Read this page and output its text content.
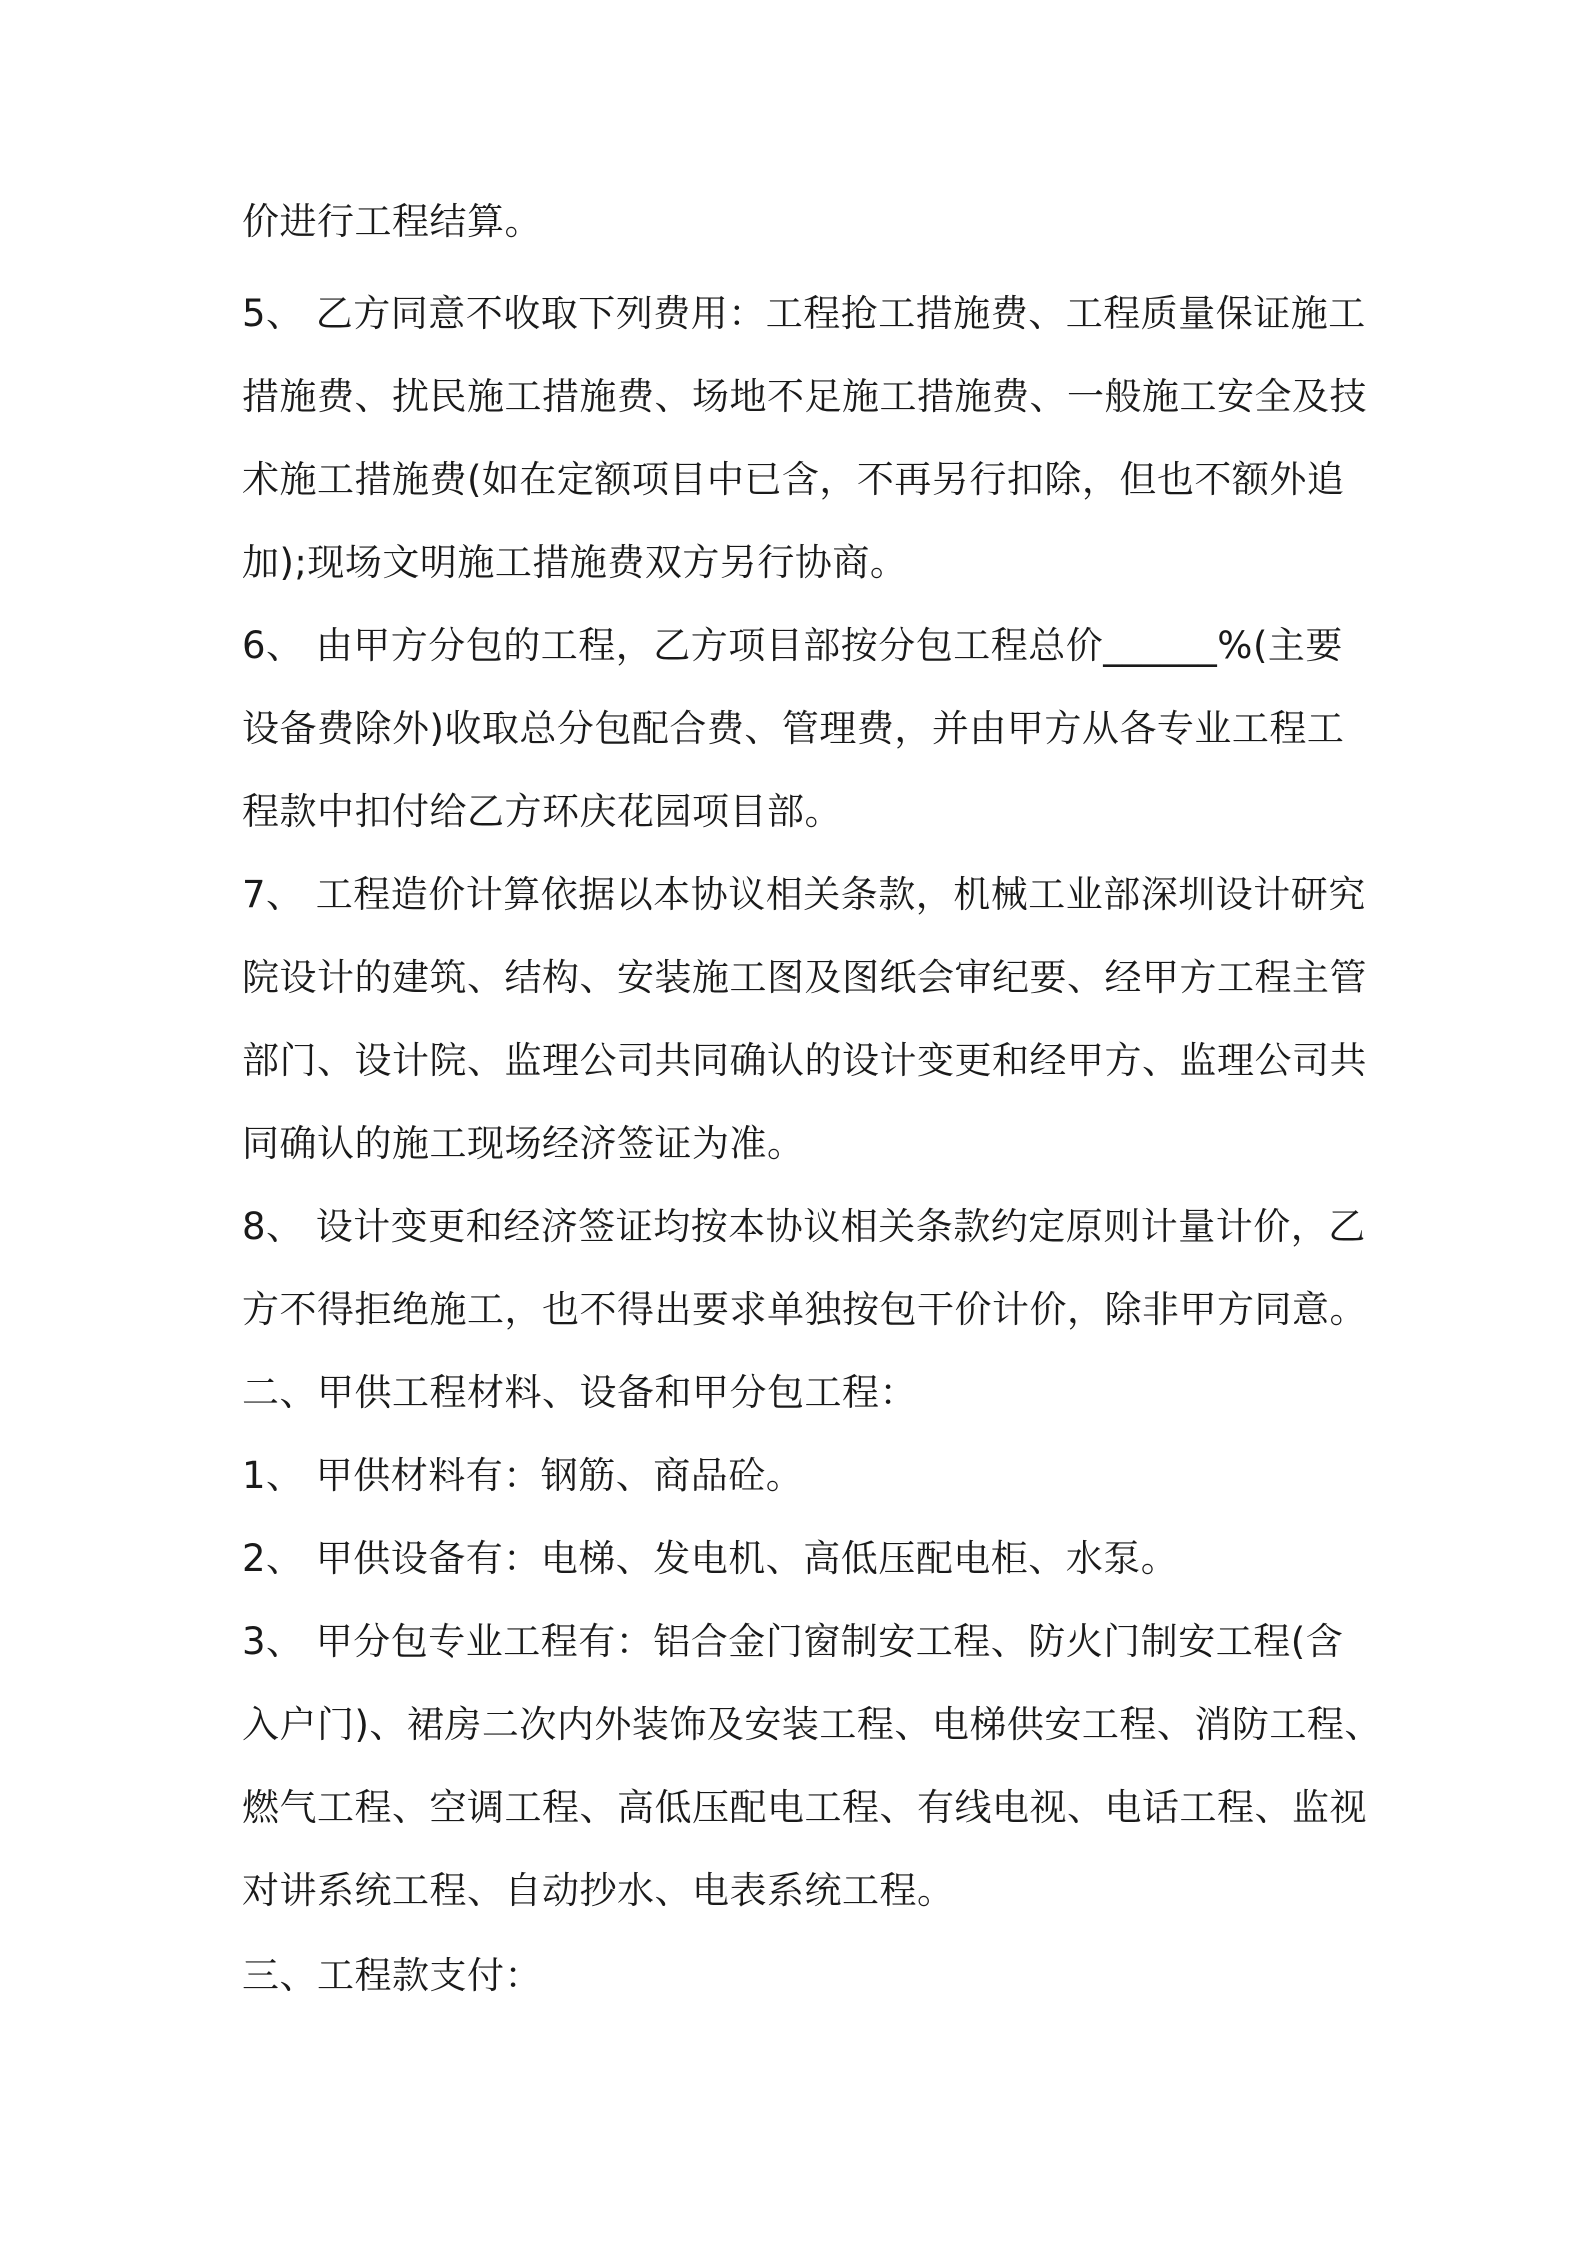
价进行工程结算。
5、 乙方同意不收取下列费用：工程抢工措施费、工程质量保证施工
措施费、扰民施工措施费、场地不足施工措施费、一般施工安全及技
术施工措施费(如在定额项目中已含，不再另行扣除，但也不额外追
加);现场文明施工措施费双方另行协商。
6、 由甲方分包的工程，乙方项目部按分包工程总价______%(主要
设备费除外)收取总分包配合费、管理费，并由甲方从各专业工程工
程款中扣付给乙方环庆花园项目部。
7、 工程造价计算依据以本协议相关条款，机械工业部深圳设计研究
院设计的建筑、结构、安装施工图及图纸会审纪要、经甲方工程主管
部门、设计院、监理公司共同确认的设计变更和经甲方、监理公司共
同确认的施工现场经济签证为准。
8、 设计变更和经济签证均按本协议相关条款约定原则计量计价，乙
方不得拒绝施工，也不得出要求单独按包干价计价，除非甲方同意。
二、甲供工程材料、设备和甲分包工程：
1、 甲供材料有：钢筋、商品砼。
2、 甲供设备有：电梯、发电机、高低压配电柜、水泵。
3、 甲分包专业工程有：铝合金门窗制安工程、防火门制安工程(含
入户门)、裙房二次内外装饰及安装工程、电梯供安工程、消防工程、
燃气工程、空调工程、高低压配电工程、有线电视、电话工程、监视
对讲系统工程、自动抄水、电表系统工程。
三、工程款支付：
